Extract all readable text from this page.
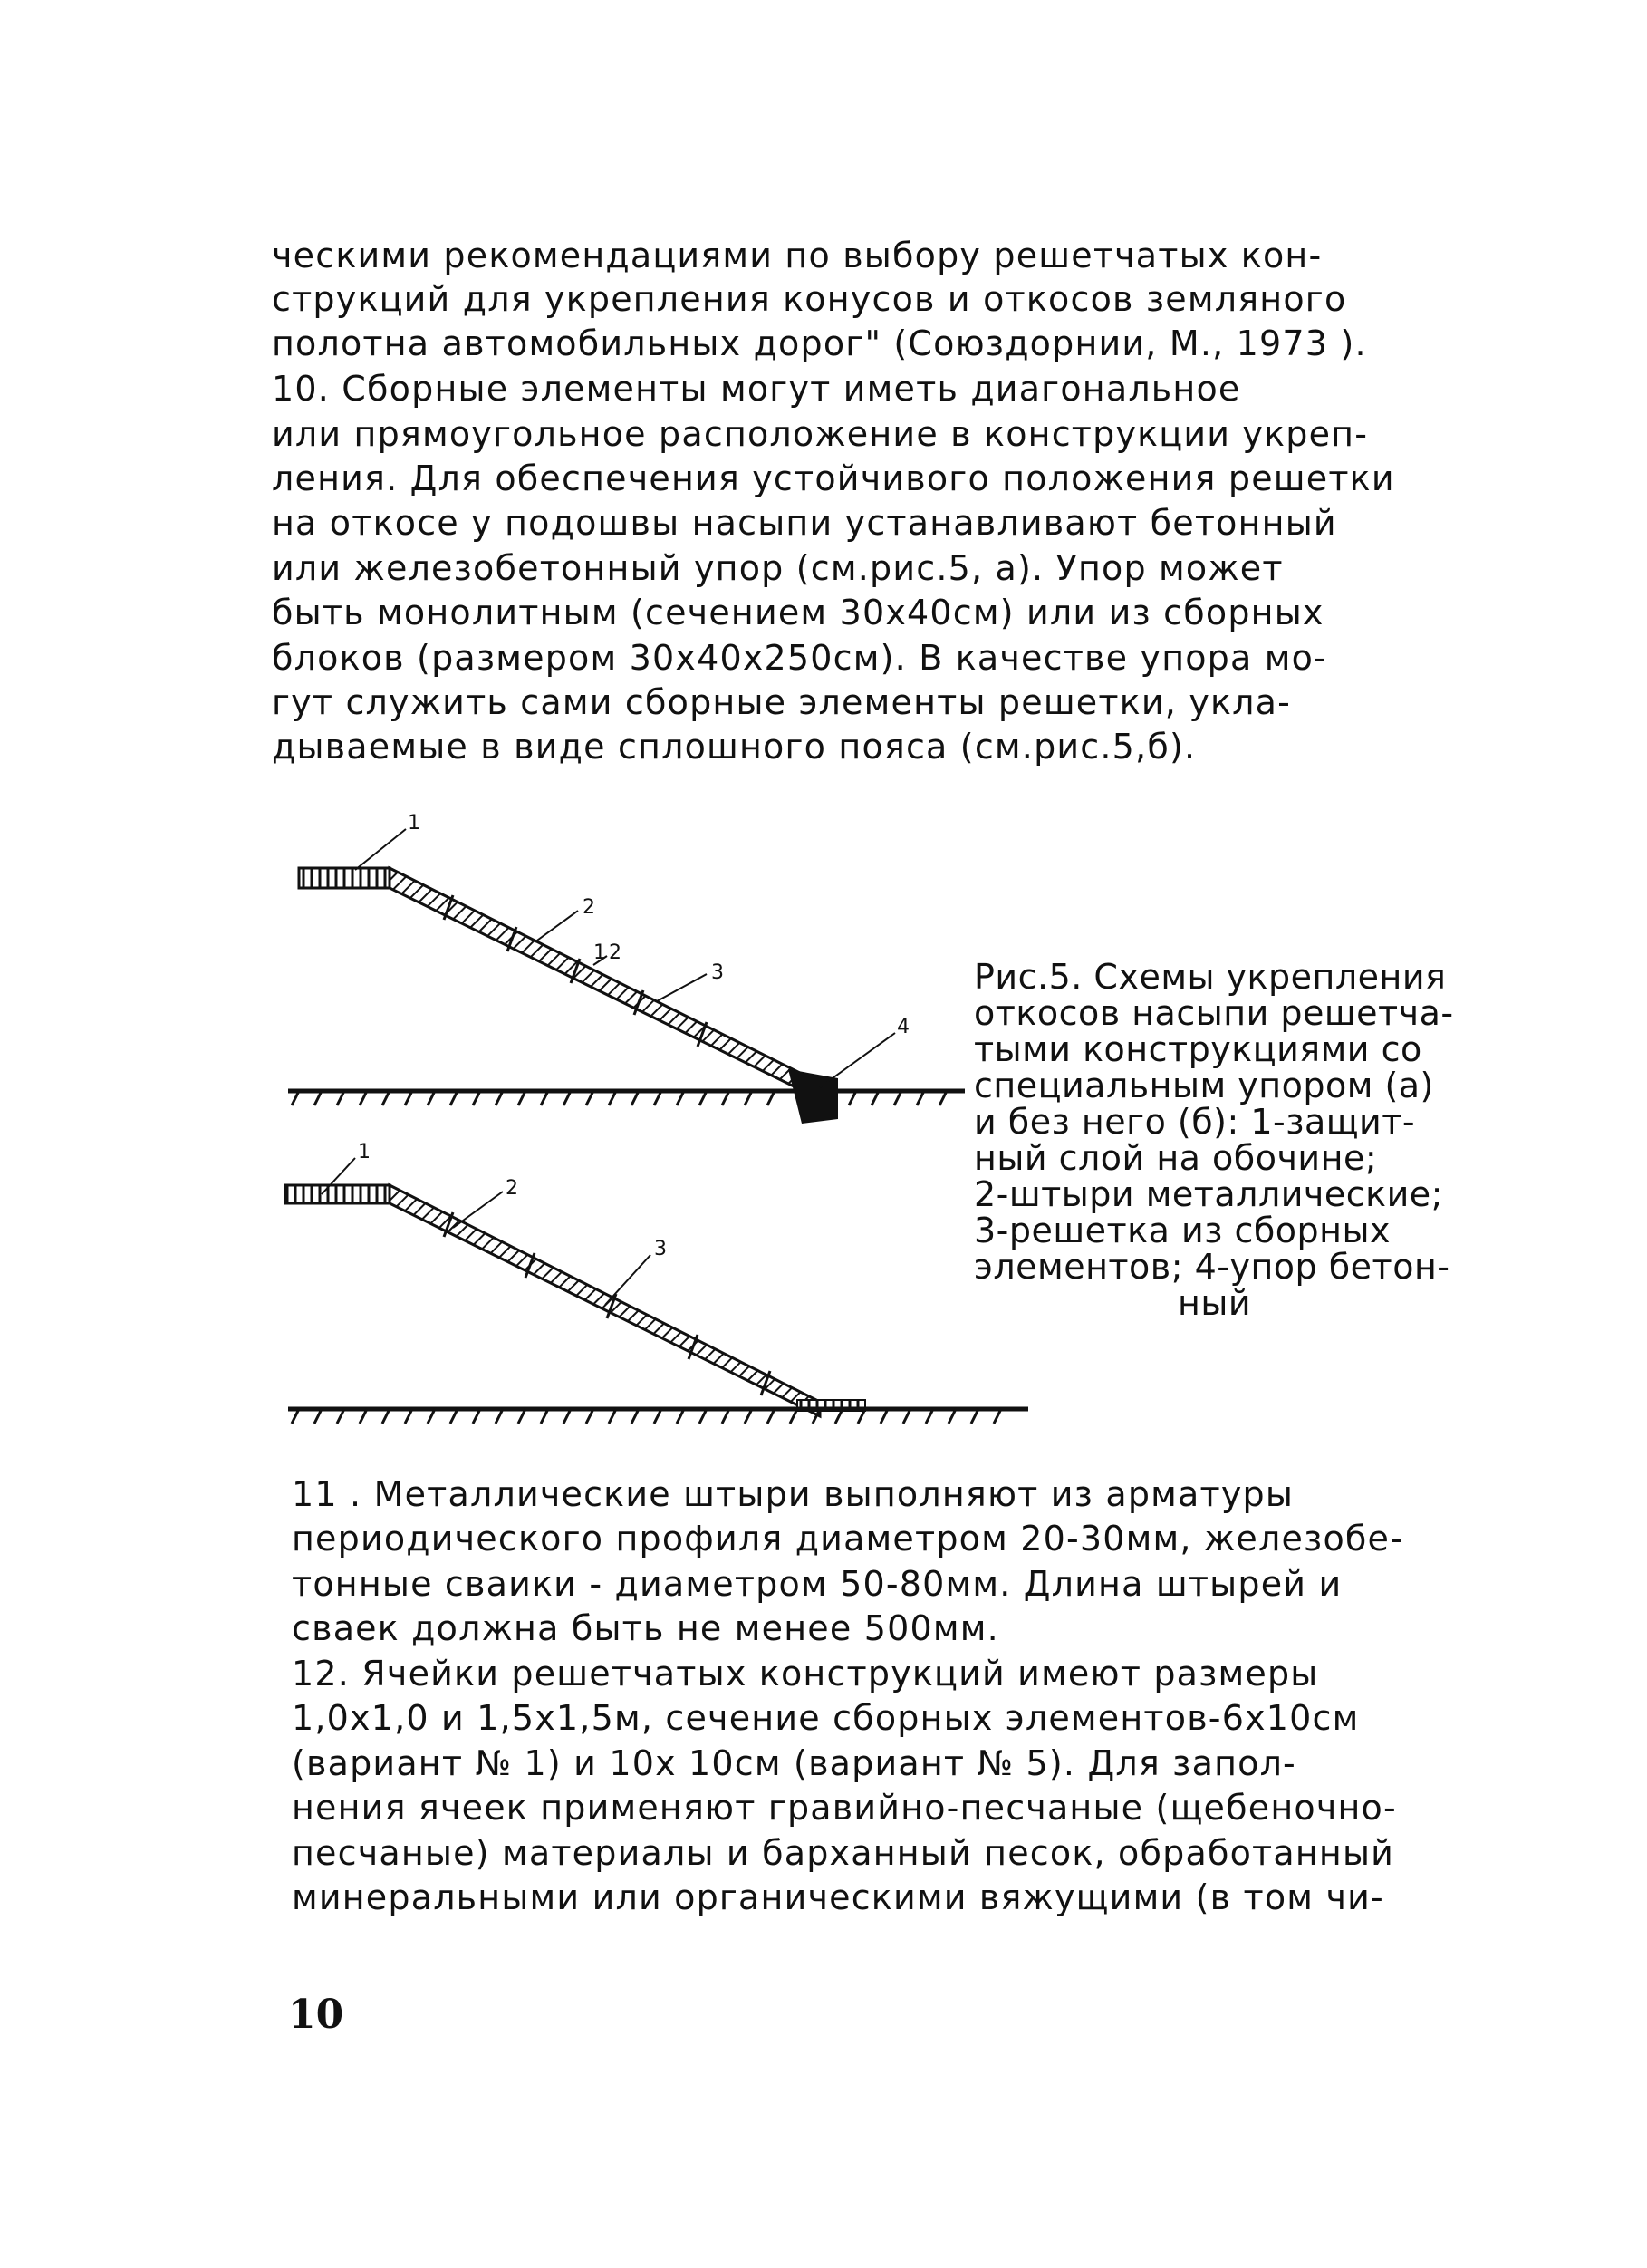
ческими рекомендациями по выбору решетчатых кон-
струкций для укрепления конусов и откосов земляного
полотна автомобильных дорог" (Союздорнии, М., 1973 ).
10. Сборные элементы могут иметь диагональное
или прямоугольное расположение в конструкции укреп-
ления. Для обеспечения устойчивого положения решетки
на откосе у подошвы насыпи устанавливают бетонный
или железобетонный упор (см.рис.5, а). Упор может
быть монолитным (сечением 30х40см) или из сборных
блоков (размером 30х40х250см). В качестве упора мо-
гут служить сами сборные элементы решетки, укла-
дываемые в виде сплошного пояса (см.рис.5,б).
1
2
1 2
3
4
1
2
3
Рис.5. Схемы укрепления
откосов насыпи решетча-
тыми конструкциями со
специальным упором (а)
и без него (б): 1-защит-
ный слой на обочине;
2-штыри металлические;
3-решетка из сборных
элементов; 4-упор бетон-
ный
11 . Металлические штыри выполняют из арматуры
периодического профиля диаметром 20-30мм, железобе-
тонные сваики - диаметром 50-80мм. Длина штырей и
сваек должна быть не менее 500мм.
12. Ячейки решетчатых конструкций имеют размеры
1,0х1,0 и 1,5х1,5м, сечение сборных элементов-6х10см
(вариант № 1) и 10х 10см (вариант № 5). Для запол-
нения ячеек применяют гравийно-песчаные (щебеночно-
песчаные) материалы и барханный песок, обработанный
минеральными или органическими вяжущими (в том чи-
10
